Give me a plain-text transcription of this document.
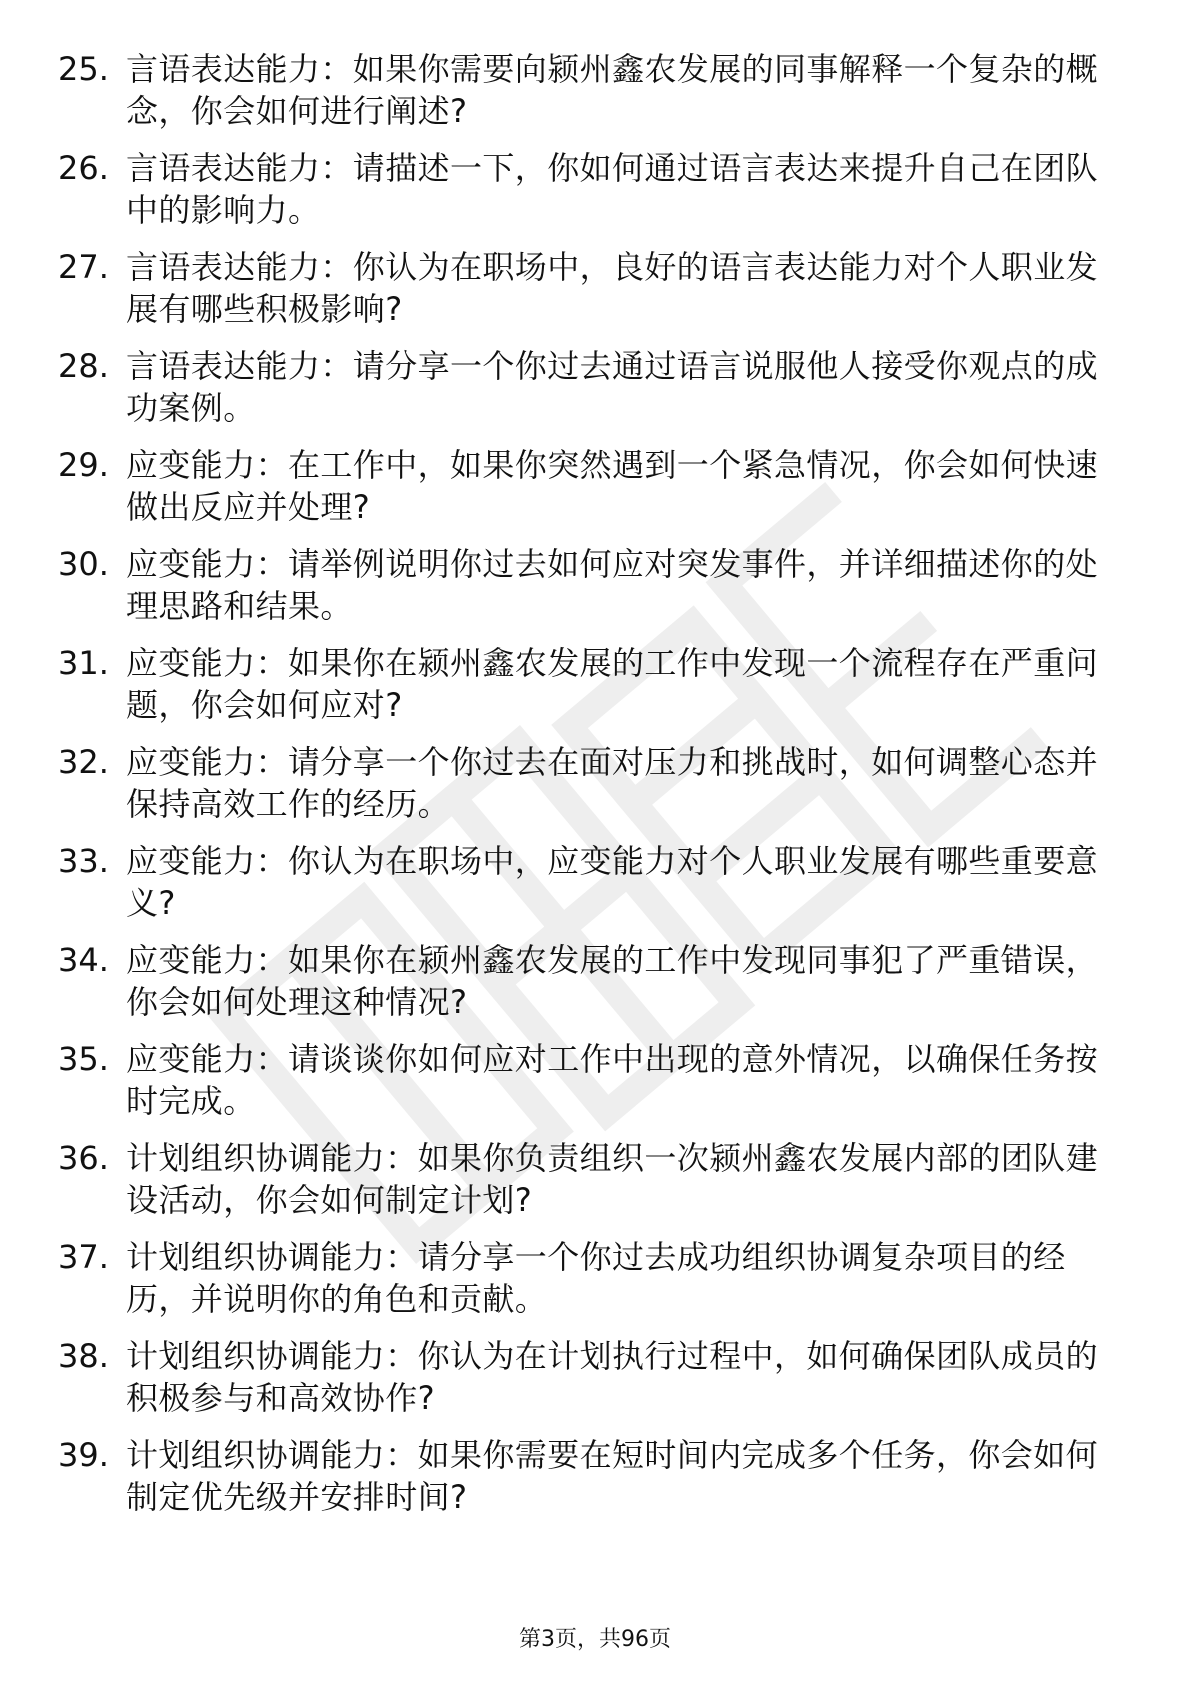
25. 言语表达能力：如果你需要向颍州鑫农发展的同事解释一个复杂的概念，你会如何进行阐述?
26. 言语表达能力：请描述一下，你如何通过语言表达来提升自己在团队中的影响力。
27. 言语表达能力：你认为在职场中，良好的语言表达能力对个人职业发展有哪些积极影响?
28. 言语表达能力：请分享一个你过去通过语言说服他人接受你观点的成功案例。
29. 应变能力：在工作中，如果你突然遇到一个紧急情况，你会如何快速做出反应并处理?
30. 应变能力：请举例说明你过去如何应对突发事件，并详细描述你的处理思路和结果。
31. 应变能力：如果你在颍州鑫农发展的工作中发现一个流程存在严重问题，你会如何应对?
32. 应变能力：请分享一个你过去在面对压力和挑战时，如何调整心态并保持高效工作的经历。
33. 应变能力：你认为在职场中，应变能力对个人职业发展有哪些重要意义?
34. 应变能力：如果你在颍州鑫农发展的工作中发现同事犯了严重错误，你会如何处理这种情况?
35. 应变能力：请谈谈你如何应对工作中出现的意外情况，以确保任务按时完成。
36. 计划组织协调能力：如果你负责组织一次颍州鑫农发展内部的团队建设活动，你会如何制定计划?
37. 计划组织协调能力：请分享一个你过去成功组织协调复杂项目的经历，并说明你的角色和贡献。
38. 计划组织协调能力：你认为在计划执行过程中，如何确保团队成员的积极参与和高效协作?
39. 计划组织协调能力：如果你需要在短时间内完成多个任务，你会如何制定优先级并安排时间?
第3页，共96页
